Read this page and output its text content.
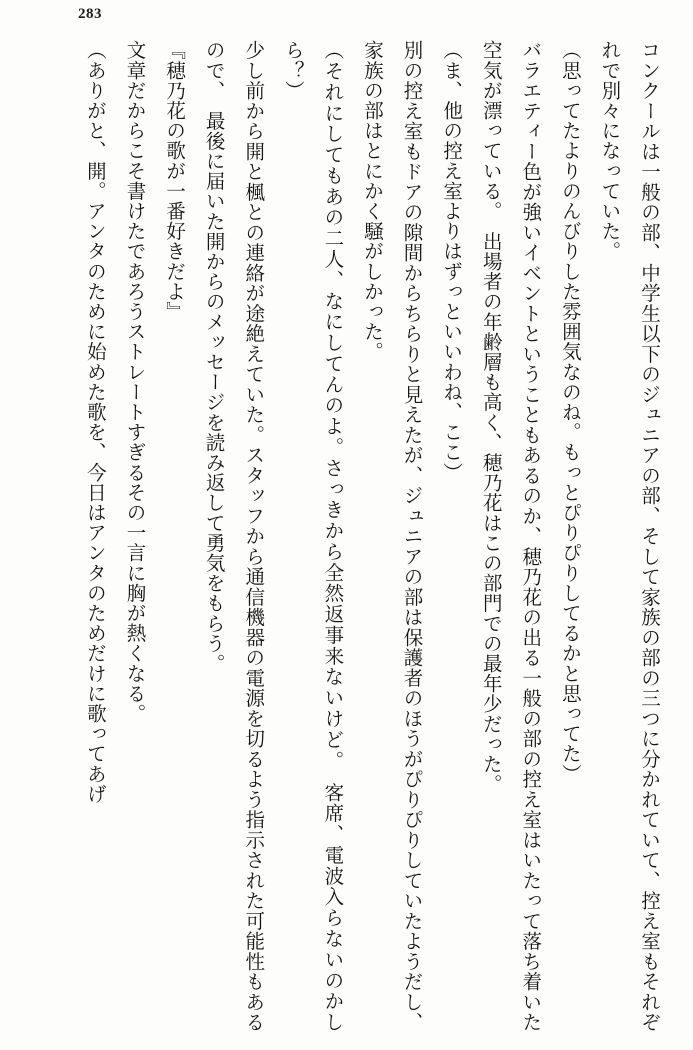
283

コンクールは一般の部、中学生以下のジュニアの部、そして家族の部の三つに分かれていて、控え室もそれぞれで別々になっていた。

（思ってたよりのんびりした雰囲気なのね。もっとぴりぴりしてるかと思ってた）

バラエティー色が強いイベントということもあるのか、穂乃花の出る一般の部の控え室はいたって落ち着いた空気が漂っている。　出場者の年齢層も高く、穂乃花はこの部門での最年少だった。

（ま、他の控え室よりはずっといいわね、ここ）

別の控え室もドアの隙間からちらりと見えたが、ジュニアの部は保護者のほうがぴりぴりしていたようだし、家族の部はとにかく騒がしかった。

（それにしてもあの二人、なにしてんのよ。さっきから全然返事来ないけど。　客席、電波入らないのかしら？）

少し前から開と楓との連絡が途絶えていた。スタッフから通信機器の電源を切るよう指示された可能性もあるので、　最後に届いた開からのメッセージを読み返して勇気をもらう。

『穂乃花の歌が一番好きだよ』

文章だからこそ書けたであろうストレートすぎるその一言に胸が熱くなる。

（ありがと、開。アンタのために始めた歌を、今日はアンタのためだけに歌ってあげ
